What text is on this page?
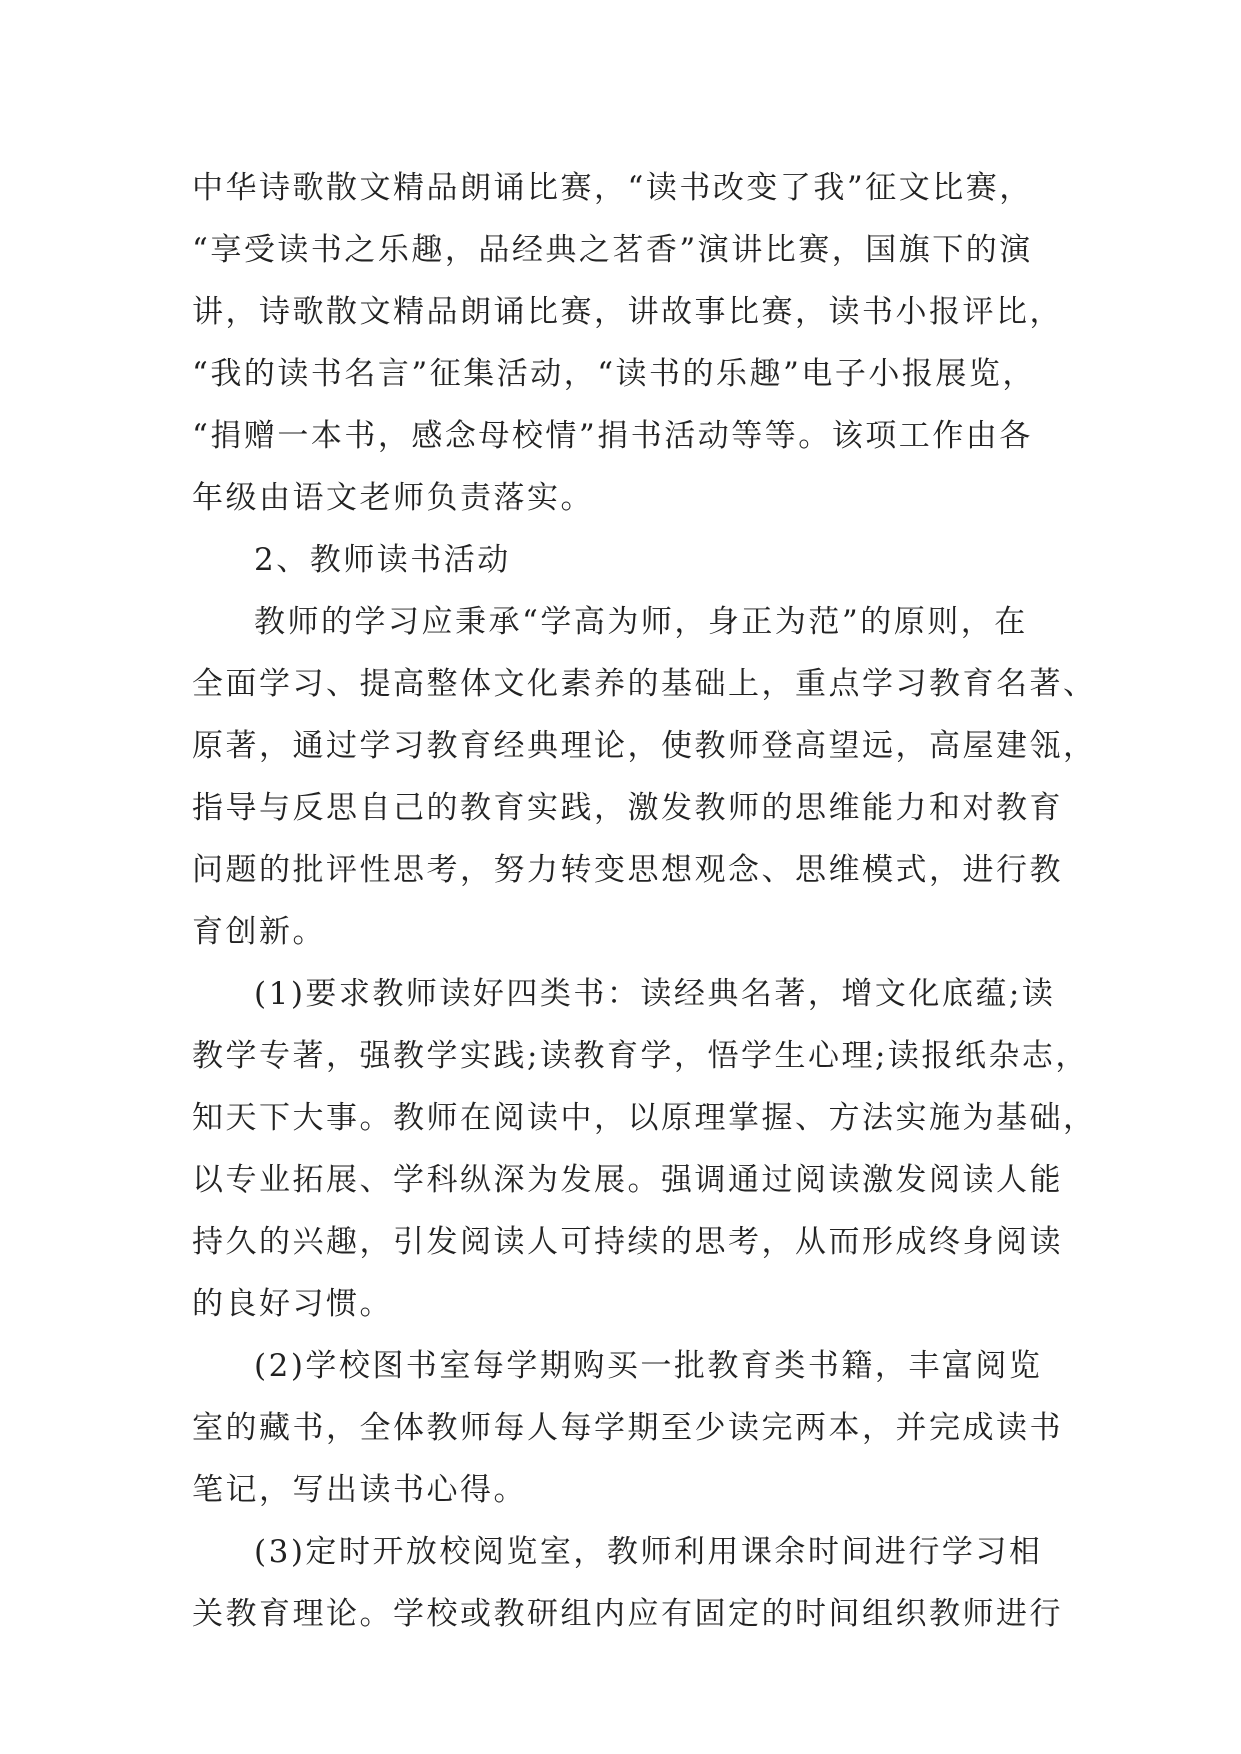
中华诗歌散文精品朗诵比赛，“读书改变了我”征文比赛，

“享受读书之乐趣，品经典之茗香”演讲比赛，国旗下的演

讲，诗歌散文精品朗诵比赛，讲故事比赛，读书小报评比，

“我的读书名言”征集活动，“读书的乐趣”电子小报展览，

“捐赠一本书，感念母校情”捐书活动等等。该项工作由各

年级由语文老师负责落实。

2、教师读书活动

教师的学习应秉承“学高为师，身正为范”的原则，在

全面学习、提高整体文化素养的基础上，重点学习教育名著、

原著，通过学习教育经典理论，使教师登高望远，高屋建瓴，

指导与反思自己的教育实践，激发教师的思维能力和对教育

问题的批评性思考，努力转变思想观念、思维模式，进行教

育创新。

(1)要求教师读好四类书：读经典名著，增文化底蕴;读

教学专著，强教学实践;读教育学，悟学生心理;读报纸杂志，

知天下大事。教师在阅读中，以原理掌握、方法实施为基础，

以专业拓展、学科纵深为发展。强调通过阅读激发阅读人能

持久的兴趣，引发阅读人可持续的思考，从而形成终身阅读

的良好习惯。

(2)学校图书室每学期购买一批教育类书籍，丰富阅览

室的藏书，全体教师每人每学期至少读完两本，并完成读书

笔记，写出读书心得。

(3)定时开放校阅览室，教师利用课余时间进行学习相

关教育理论。学校或教研组内应有固定的时间组织教师进行
